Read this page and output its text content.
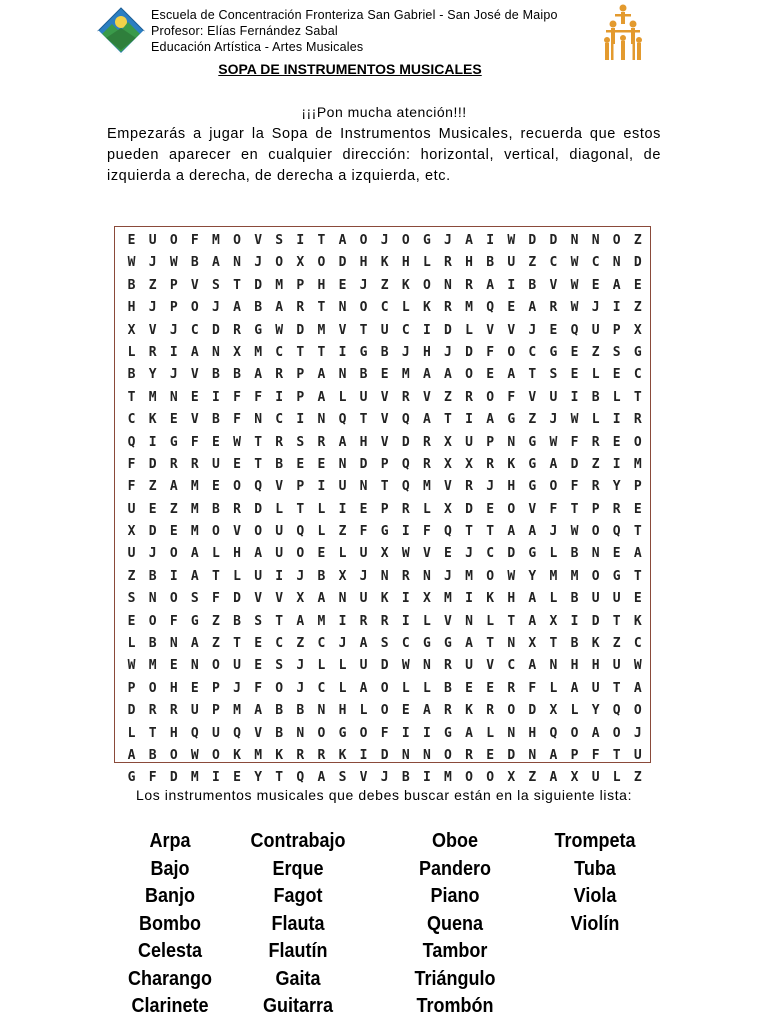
Escuela de Concentración Fronteriza San Gabriel - San José de Maipo
Profesor: Elías Fernández Sabal
Educación Artística - Artes Musicales
SOPA DE INSTRUMENTOS MUSICALES
¡¡¡Pon mucha atención!!!
Empezarás a jugar la Sopa de Instrumentos Musicales, recuerda que estos pueden aparecer en cualquier dirección: horizontal, vertical, diagonal, de izquierda a derecha, de derecha a izquierda, etc.
E	U	O	F	M	O	V	S	I	T	A	O	J	O	G	J	A	I	W	D	D	N	N	O	Z
W	J	W	B	A	N	J	O	X	O	D	H	K	H	L	R	H	B	U	Z	C	W	C	N	D
B	Z	P	V	S	T	D	M	P	H	E	J	Z	K	O	N	R	A	I	B	V	W	E	A	E
H	J	P	O	J	A	B	A	R	T	N	O	C	L	K	R	M	Q	E	A	R	W	J	I	Z
X	V	J	C	D	R	G	W	D	M	V	T	U	C	I	D	L	V	V	J	E	Q	U	P	X
L	R	I	A	N	X	M	C	T	T	I	G	B	J	H	J	D	F	O	C	G	E	Z	S	G
B	Y	J	V	B	B	A	R	P	A	N	B	E	M	A	A	O	E	A	T	S	E	L	E	C
T	M	N	E	I	F	F	I	P	A	L	U	V	R	V	Z	R	O	F	V	U	I	B	L	T
C	K	E	V	B	F	N	C	I	N	Q	T	V	Q	A	T	I	A	G	Z	J	W	L	I	R
Q	I	G	F	E	W	T	R	S	R	A	H	V	D	R	X	U	P	N	G	W	F	R	E	O
F	D	R	R	U	E	T	B	E	E	N	D	P	Q	R	X	X	R	K	G	A	D	Z	I	M
F	Z	A	M	E	O	Q	V	P	I	U	N	T	Q	M	V	R	J	H	G	O	F	R	Y	P
U	E	Z	M	B	R	D	L	T	L	I	E	P	R	L	X	D	E	O	V	F	T	P	R	E
X	D	E	M	O	V	O	U	Q	L	Z	F	G	I	F	Q	T	T	A	A	J	W	O	Q	T
U	J	O	A	L	H	A	U	O	E	L	U	X	W	V	E	J	C	D	G	L	B	N	E	A
Z	B	I	A	T	L	U	I	J	B	X	J	N	R	N	J	M	O	W	Y	M	M	O	G	T
S	N	O	S	F	D	V	V	X	A	N	U	K	I	X	M	I	K	H	A	L	B	U	U	E
E	O	F	G	Z	B	S	T	A	M	I	R	R	I	L	V	N	L	T	A	X	I	D	T	K
L	B	N	A	Z	T	E	C	Z	C	J	A	S	C	G	G	A	T	N	X	T	B	K	Z	C
W	M	E	N	O	U	E	S	J	L	L	U	D	W	N	R	U	V	C	A	N	H	H	U	W
P	O	H	E	P	J	F	O	J	C	L	A	O	L	L	B	E	E	R	F	L	A	U	T	A
D	R	R	U	P	M	A	B	B	N	H	L	O	E	A	R	K	R	O	D	X	L	Y	Q	O
L	T	H	Q	U	Q	V	B	N	O	G	O	F	I	I	G	A	L	N	H	Q	O	A	O	J
A	B	O	W	O	K	M	K	R	R	K	I	D	N	N	O	R	E	D	N	A	P	F	T	U
G	F	D	M	I	E	Y	T	Q	A	S	V	J	B	I	M	O	O	X	Z	A	X	U	L	Z
Los instrumentos musicales que debes buscar están en la siguiente lista:
Arpa
Bajo
Banjo
Bombo
Celesta
Charango
Clarinete
Contrabajo
Erque
Fagot
Flauta
Flautín
Gaita
Guitarra
Oboe
Pandero
Piano
Quena
Tambor
Triángulo
Trombón
Trompeta
Tuba
Viola
Violín
